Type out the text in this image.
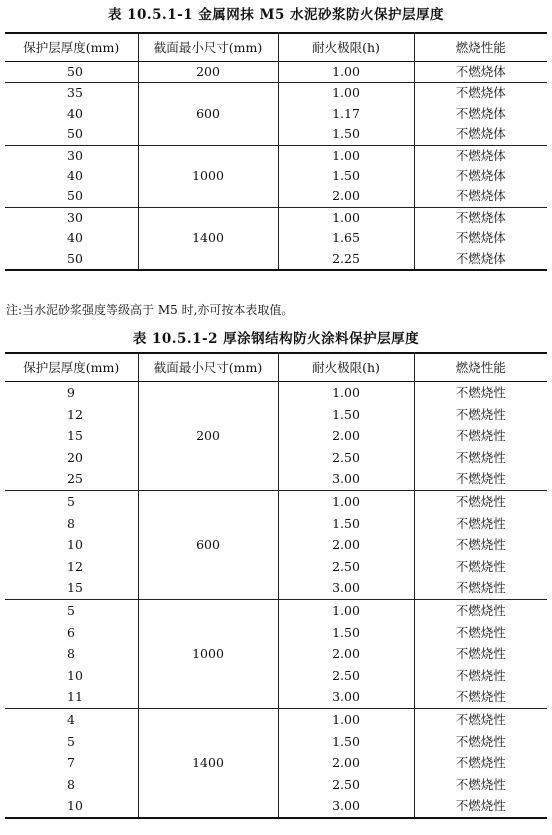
表 10.5.1-1 金属网抹 M5 水泥砂浆防火保护层厚度
保护层厚度(mm)	截面最小尺寸(mm)	耐火极限(h)	燃烧性能
50	200	1.00	不燃烧体
35	600	1.00	不燃烧体
40		1.17	不燃烧体
50		1.50	不燃烧体
30	1000	1.00	不燃烧体
40		1.50	不燃烧体
50		2.00	不燃烧体
30	1400	1.00	不燃烧体
40		1.65	不燃烧体
50		2.25	不燃烧体
注:当水泥砂浆强度等级高于 M5 时,亦可按本表取值。
表 10.5.1-2 厚涂钢结构防火涂料保护层厚度
保护层厚度(mm)	截面最小尺寸(mm)	耐火极限(h)	燃烧性能
9	200	1.00	不燃烧性
12		1.50	不燃烧性
15		2.00	不燃烧性
20		2.50	不燃烧性
25		3.00	不燃烧性
5	600	1.00	不燃烧性
8		1.50	不燃烧性
10		2.00	不燃烧性
12		2.50	不燃烧性
15		3.00	不燃烧性
5	1000	1.00	不燃烧性
6		1.50	不燃烧性
8		2.00	不燃烧性
10		2.50	不燃烧性
11		3.00	不燃烧性
4	1400	1.00	不燃烧性
5		1.50	不燃烧性
7		2.00	不燃烧性
8		2.50	不燃烧性
10		3.00	不燃烧性
